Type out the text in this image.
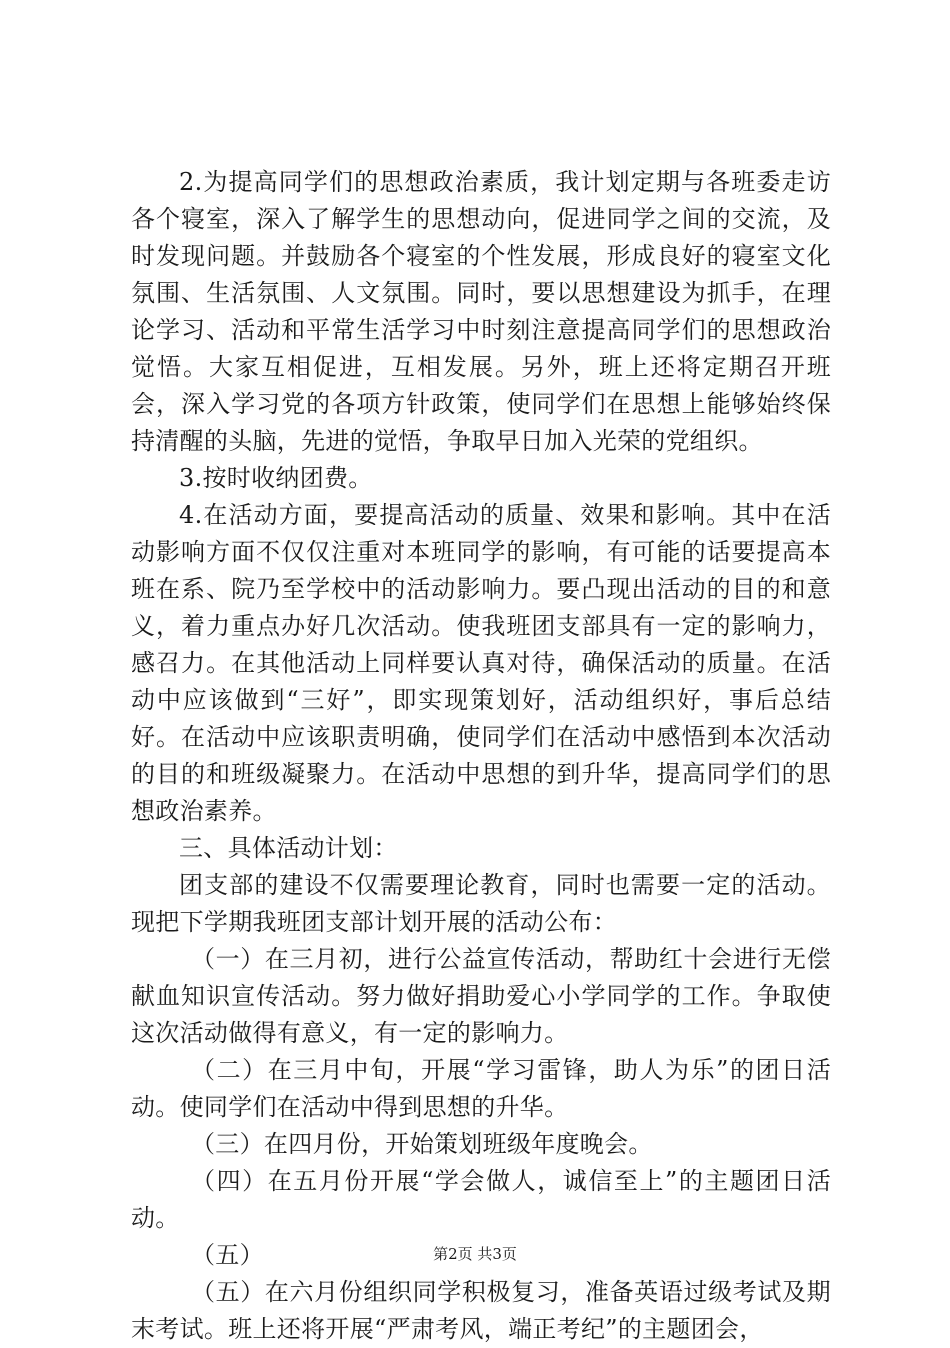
2.为提高同学们的思想政治素质，我计划定期与各班委走访各个寝室，深入了解学生的思想动向，促进同学之间的交流，及时发现问题。并鼓励各个寝室的个性发展，形成良好的寝室文化氛围、生活氛围、人文氛围。同时，要以思想建设为抓手，在理论学习、活动和平常生活学习中时刻注意提高同学们的思想政治觉悟。大家互相促进，互相发展。另外，班上还将定期召开班会，深入学习党的各项方针政策，使同学们在思想上能够始终保持清醒的头脑，先进的觉悟，争取早日加入光荣的党组织。

3.按时收纳团费。

4.在活动方面，要提高活动的质量、效果和影响。其中在活动影响方面不仅仅注重对本班同学的影响，有可能的话要提高本班在系、院乃至学校中的活动影响力。要凸现出活动的目的和意义，着力重点办好几次活动。使我班团支部具有一定的影响力，感召力。在其他活动上同样要认真对待，确保活动的质量。在活动中应该做到“三好”，即实现策划好，活动组织好，事后总结好。在活动中应该职责明确，使同学们在活动中感悟到本次活动的目的和班级凝聚力。在活动中思想的到升华，提高同学们的思想政治素养。

三、具体活动计划：

团支部的建设不仅需要理论教育，同时也需要一定的活动。现把下学期我班团支部计划开展的活动公布：

（一）在三月初，进行公益宣传活动，帮助红十会进行无偿献血知识宣传活动。努力做好捐助爱心小学同学的工作。争取使这次活动做得有意义，有一定的影响力。

（二）在三月中旬，开展“学习雷锋，助人为乐”的团日活动。使同学们在活动中得到思想的升华。

（三）在四月份，开始策划班级年度晚会。

（四）在五月份开展“学会做人，诚信至上”的主题团日活动。

（五）

（五）在六月份组织同学积极复习，准备英语过级考试及期末考试。班上还将开展“严肃考风，端正考纪”的主题团会，

第2页 共3页
